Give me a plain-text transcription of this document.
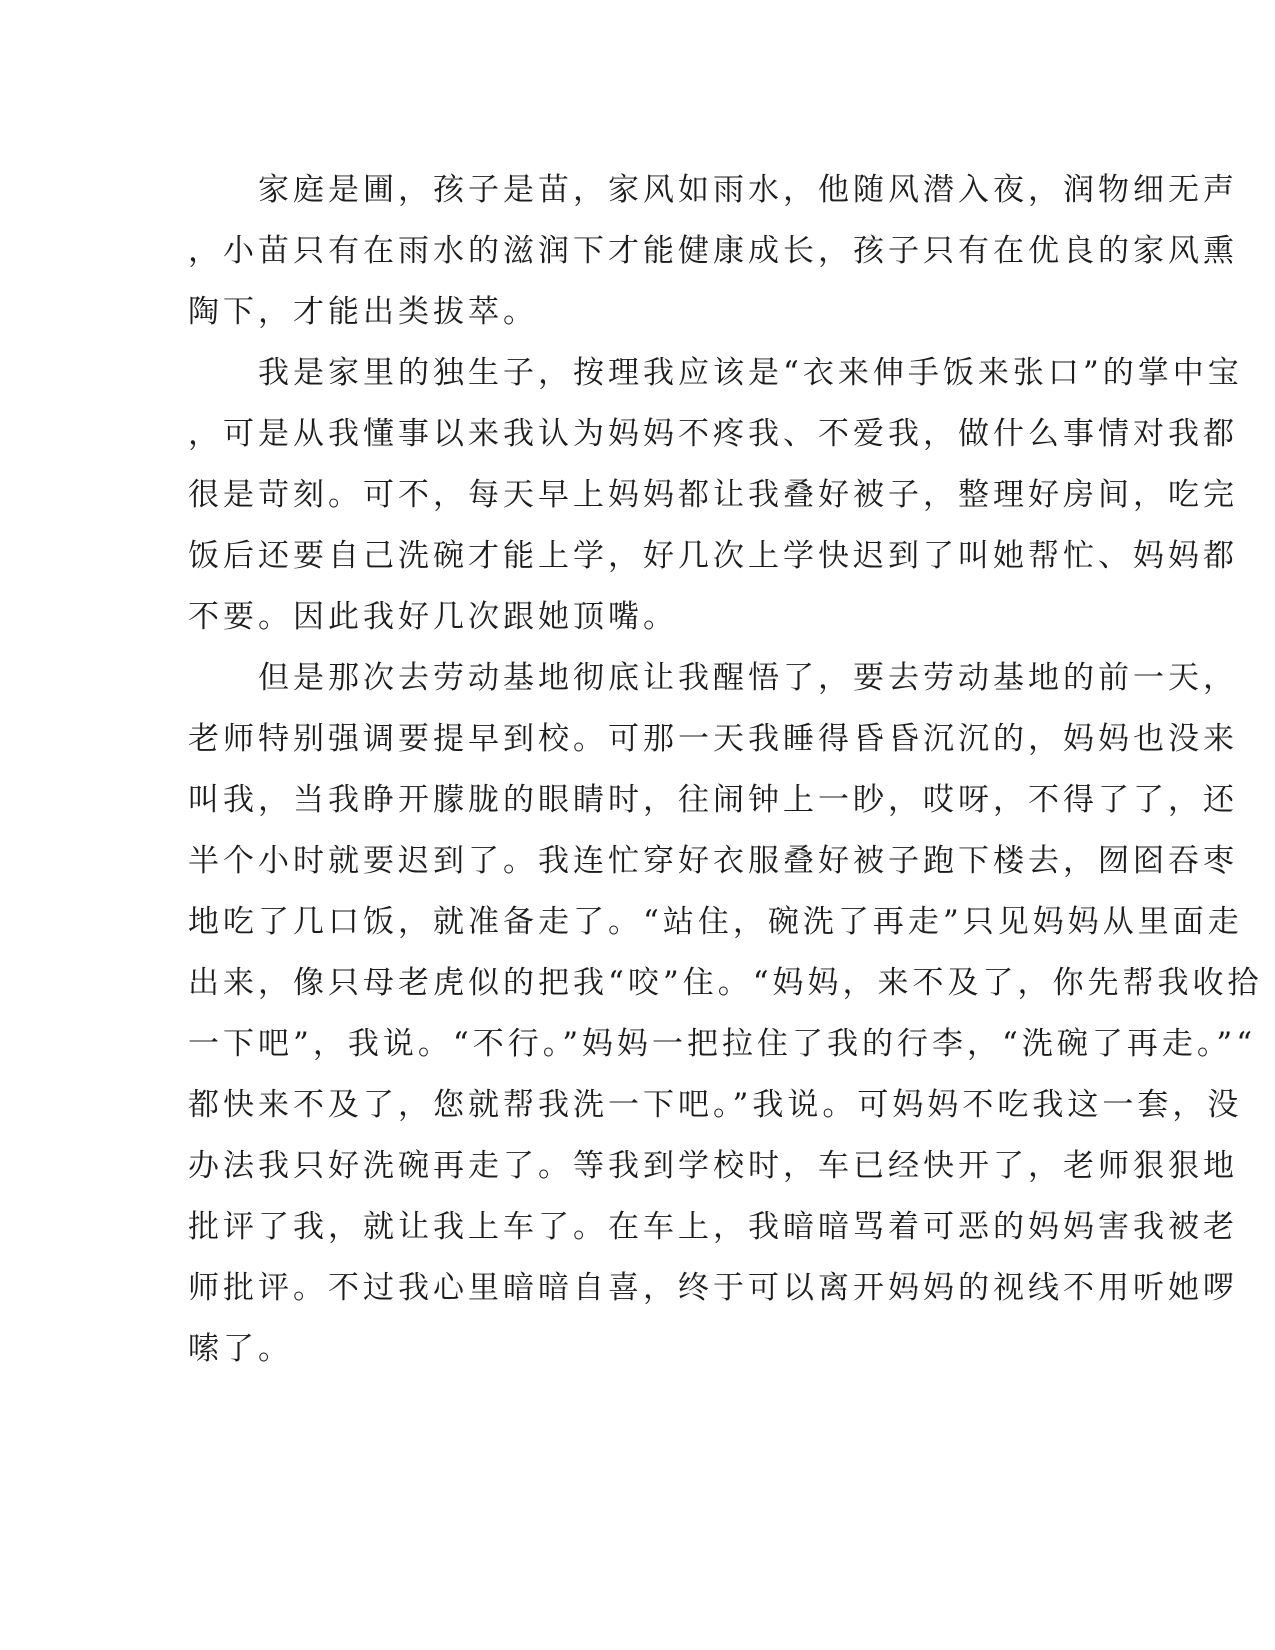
　　家庭是圃，孩子是苗，家风如雨水，他随风潜入夜，润物细无声
，小苗只有在雨水的滋润下才能健康成长，孩子只有在优良的家风熏
陶下，才能出类拔萃。
　　我是家里的独生子，按理我应该是“衣来伸手饭来张口”的掌中宝
，可是从我懂事以来我认为妈妈不疼我、不爱我，做什么事情对我都
很是苛刻。可不，每天早上妈妈都让我叠好被子，整理好房间，吃完
饭后还要自己洗碗才能上学，好几次上学快迟到了叫她帮忙、妈妈都
不要。因此我好几次跟她顶嘴。
　　但是那次去劳动基地彻底让我醒悟了，要去劳动基地的前一天，
老师特别强调要提早到校。可那一天我睡得昏昏沉沉的，妈妈也没来
叫我，当我睁开朦胧的眼睛时，往闹钟上一眇，哎呀，不得了了，还
半个小时就要迟到了。我连忙穿好衣服叠好被子跑下楼去，囫囵吞枣
地吃了几口饭，就准备走了。“站住，碗洗了再走”只见妈妈从里面走
出来，像只母老虎似的把我“咬”住。“妈妈，来不及了，你先帮我收拾
一下吧”，我说。“不行。”妈妈一把拉住了我的行李，“洗碗了再走。”“
都快来不及了，您就帮我洗一下吧。”我说。可妈妈不吃我这一套，没
办法我只好洗碗再走了。等我到学校时，车已经快开了，老师狠狠地
批评了我，就让我上车了。在车上，我暗暗骂着可恶的妈妈害我被老
师批评。不过我心里暗暗自喜，终于可以离开妈妈的视线不用听她啰
嗦了。
